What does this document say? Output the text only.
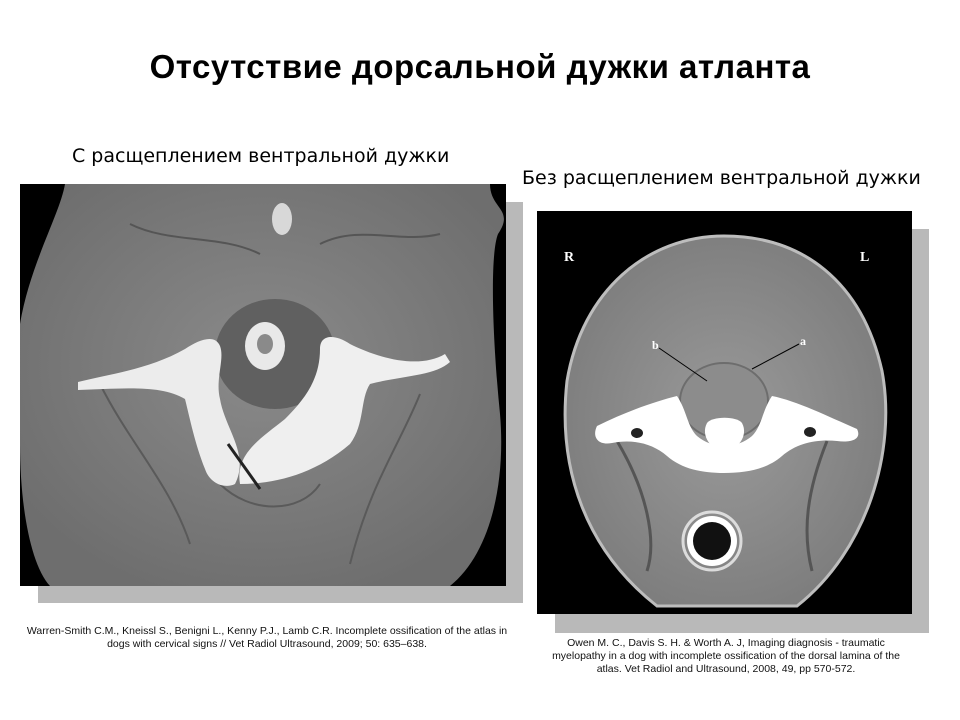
Отсутствие дорсальной дужки атланта
С расщеплением вентральной дужки
Без расщеплением вентральной дужки
R	L
b	a
Warren-Smith C.M., Kneissl S., Benigni L., Kenny P.J., Lamb C.R. Incomplete ossification of the atlas in dogs with cervical signs // Vet Radiol Ultrasound, 2009; 50: 635–638.	Owen M. C., Davis S. H. & Worth A. J, Imaging diagnosis - traumatic myelopathy in a dog with incomplete ossification of the dorsal lamina of the atlas. Vet Radiol and Ultrasound, 2008, 49, pp 570-572.
